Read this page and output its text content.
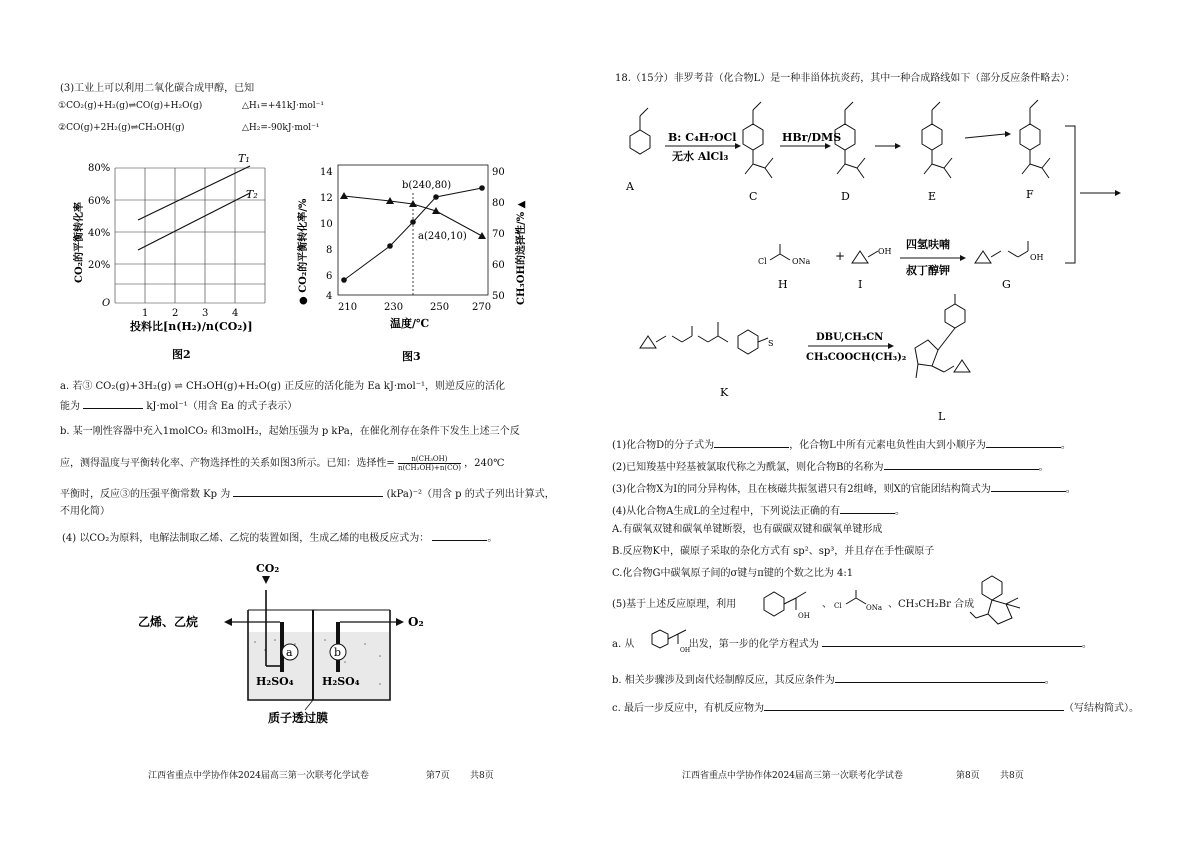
(3)工业上可以利用二氧化碳合成甲醇，已知
①CO₂(g)+H₂(g)⇌CO(g)+H₂O(g)	△H₁=+41kJ·mol⁻¹
②CO(g)+2H₂(g)⇌CH₃OH(g)	△H₂=-90kJ·mol⁻¹
T₁
T₂
80%
60%
40%
20%
O
1 2 3 4
投料比[n(H₂)/n(CO₂)]
CO₂的平衡转化率
图2
b(240,80)
a(240,10)
14
12
10
8
6
4
90
80
70
60
50
210	230	250 270
温度/℃
● CO₂的平衡转化率/%	CH₃OH的选择性/% ▲
图3
a. 若③ CO₂(g)+3H₂(g) ⇌ CH₃OH(g)+H₂O(g) 正反应的活化能为 Ea kJ·mol⁻¹，则逆反应的活化
能为	kJ·mol⁻¹（用含 Ea 的式子表示）
b. 某一刚性容器中充入1molCO₂ 和3molH₂，起始压强为 p kPa，在催化剂存在条件下发生上述三个反
应，测得温度与平衡转化率、产物选择性的关系如图3所示。已知：选择性= $\frac{\text{n(CH₃OH)}}{\text{n(CH₃OH)+n(CO)}}$ ，240℃
平衡时，反应③的压强平衡常数 Kp 为	(kPa)⁻²（用含 p 的式子列出计算式，
不用化简）
(4) 以CO₂为原料，电解法制取乙烯、乙烷的装置如图，生成乙烯的电极反应式为：	。
a	b
CO₂
乙烯、乙烷	O₂
H₂SO₄	H₂SO₄
质子透过膜
江西省重点中学协作体2024届高三第一次联考化学试卷	第7页 共8页
18.（15分）非罗考昔（化合物L）是一种非甾体抗炎药，其中一种合成路线如下（部分反应条件略去）：
B: C₄H₇OCl
无水 AlCl₃
HBr/DMS
四氢呋喃
叔丁醇钾
DBU,CH₃CN
CH₃COOCH(CH₃)₂
Cl	ONa +	OH
OH
S
A
C	D	E	F
H	I	G
K
L
(1)化合物D的分子式为	，化合物L中所有元素电负性由大到小顺序为	。
(2)已知羧基中羟基被氯取代称之为酰氯，则化合物B的名称为	。
(3)化合物X为I的同分异构体，且在核磁共振氢谱只有2组峰，则X的官能团结构简式为	。
(4)从化合物A生成L的全过程中，下列说法正确的有	。
A.有碳氧双键和碳氧单键断裂，也有碳碳双键和碳氧单键形成
B.反应物K中，碳原子采取的杂化方式有 sp²、sp³，并且存在手性碳原子
C.化合物G中碳氧原子间的σ键与π键的个数之比为 4:1
(5)基于上述反应原理，利用
OH
、 Cl	ONa 、CH₃CH₂Br 合成
a. 从	出发，第一步的化学方程式为	。
OH
b. 相关步骤涉及到卤代烃制醇反应，其反应条件为	。
c. 最后一步反应中，有机反应物为	（写结构简式）。
江西省重点中学协作体2024届高三第一次联考化学试卷	第8页 共8页
